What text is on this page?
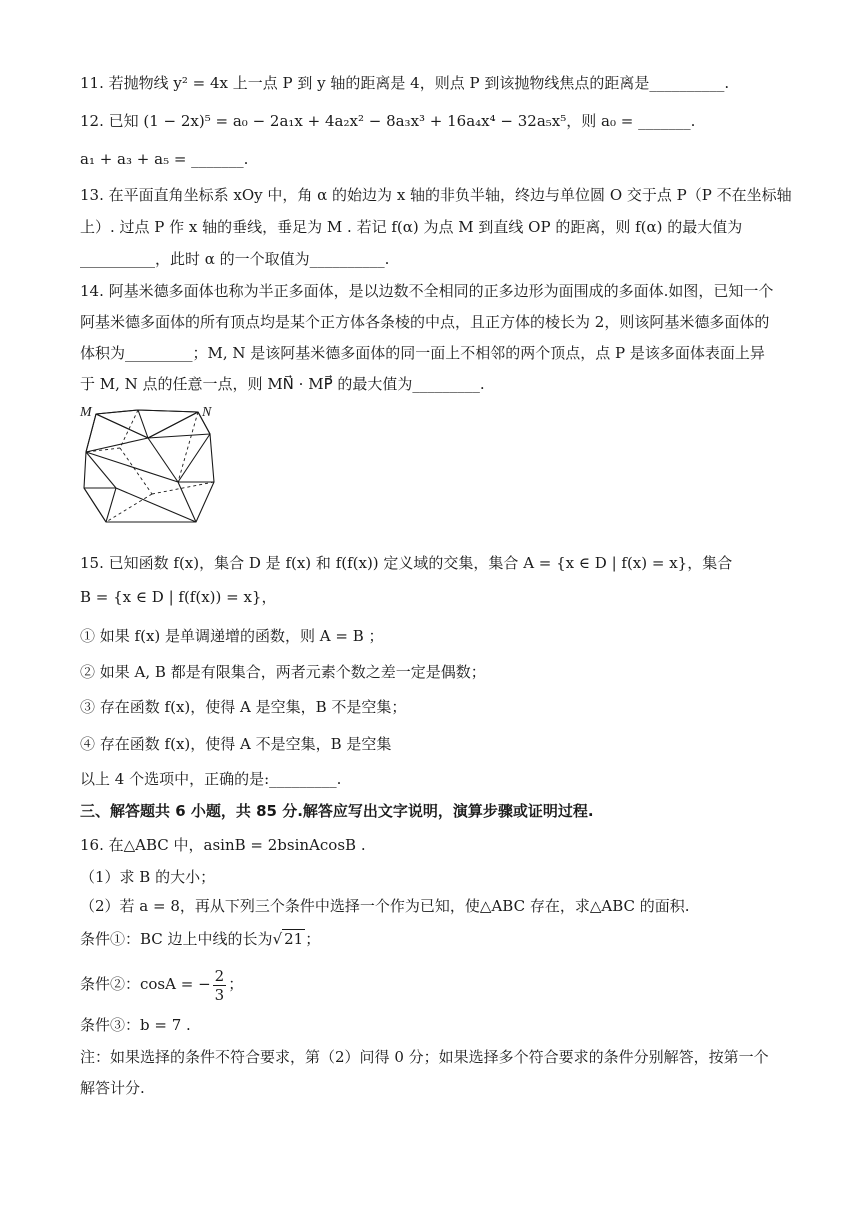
11. 若抛物线 y² = 4x 上一点 P 到 y 轴的距离是 4，则点 P 到该抛物线焦点的距离是__________.
12. 已知 (1 − 2x)⁵ = a₀ − 2a₁x + 4a₂x² − 8a₃x³ + 16a₄x⁴ − 32a₅x⁵，则 a₀ = _______.
a₁ + a₃ + a₅ = _______.
13. 在平面直角坐标系 xOy 中，角 α 的始边为 x 轴的非负半轴，终边与单位圆 O 交于点 P（P 不在坐标轴
上）. 过点 P 作 x 轴的垂线，垂足为 M . 若记 f(α) 为点 M 到直线 OP 的距离，则 f(α) 的最大值为
__________，此时 α 的一个取值为__________.
14. 阿基米德多面体也称为半正多面体，是以边数不全相同的正多边形为面围成的多面体.如图，已知一个
阿基米德多面体的所有顶点均是某个正方体各条棱的中点，且正方体的棱长为 2，则该阿基米德多面体的
体积为_________；M, N 是该阿基米德多面体的同一面上不相邻的两个顶点，点 P 是该多面体表面上异
于 M, N 点的任意一点，则 MN⃗ · MP⃗ 的最大值为_________.
M	N
15. 已知函数 f(x)，集合 D 是 f(x) 和 f(f(x)) 定义域的交集，集合 A = {x ∈ D | f(x) = x}，集合
B = {x ∈ D | f(f(x)) = x}，
① 如果 f(x) 是单调递增的函数，则 A = B ；
② 如果 A, B 都是有限集合，两者元素个数之差一定是偶数；
③ 存在函数 f(x)，使得 A 是空集，B 不是空集；
④ 存在函数 f(x)，使得 A 不是空集，B 是空集
以上 4 个选项中，正确的是:_________.
三、解答题共 6 小题，共 85 分.解答应写出文字说明，演算步骤或证明过程.
16. 在△ABC 中，asinB = 2bsinAcosB .
（1）求 B 的大小；
（2）若 a = 8，再从下列三个条件中选择一个作为已知，使△ABC 存在，求△ABC 的面积.
条件①：BC 边上中线的长为√ 21 ；
条件②：cosA = − $\frac{2}{3}$ ；
条件③：b = 7 .
注：如果选择的条件不符合要求，第（2）问得 0 分；如果选择多个符合要求的条件分别解答，按第一个
解答计分.
